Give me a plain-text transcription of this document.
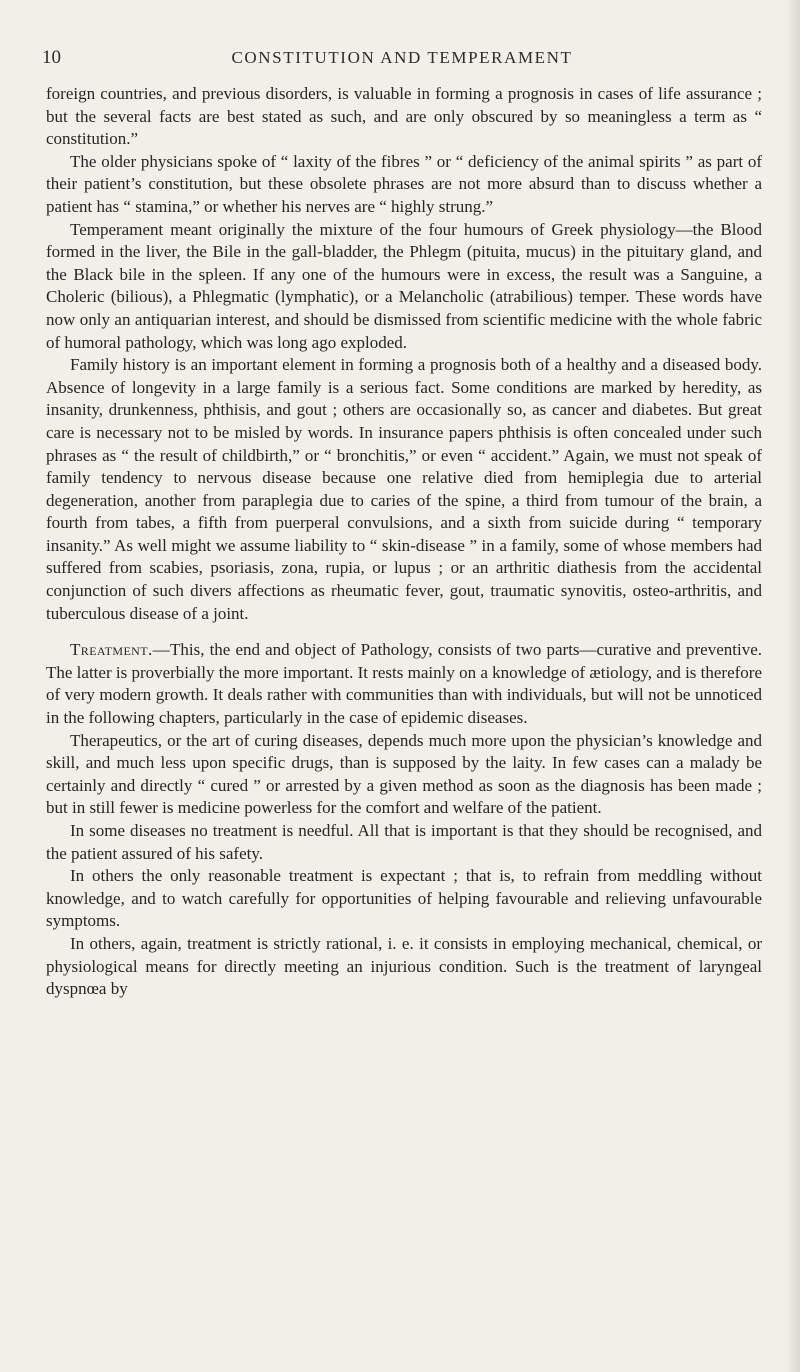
10	CONSTITUTION AND TEMPERAMENT

foreign countries, and previous disorders, is valuable in forming a prognosis in cases of life assurance ; but the several facts are best stated as such, and are only obscured by so meaningless a term as “ constitution.”

The older physicians spoke of “ laxity of the fibres ” or “ deficiency of the animal spirits ” as part of their patient’s constitution, but these obsolete phrases are not more absurd than to discuss whether a patient has “ stamina,” or whether his nerves are “ highly strung.”

Temperament meant originally the mixture of the four humours of Greek physiology—the Blood formed in the liver, the Bile in the gall-bladder, the Phlegm (pituita, mucus) in the pituitary gland, and the Black bile in the spleen. If any one of the humours were in excess, the result was a Sanguine, a Choleric (bilious), a Phlegmatic (lymphatic), or a Melancholic (atrabilious) temper. These words have now only an antiquarian interest, and should be dismissed from scientific medicine with the whole fabric of humoral pathology, which was long ago exploded.

Family history is an important element in forming a prognosis both of a healthy and a diseased body. Absence of longevity in a large family is a serious fact. Some conditions are marked by heredity, as insanity, drunkenness, phthisis, and gout ; others are occasionally so, as cancer and diabetes. But great care is necessary not to be misled by words. In insurance papers phthisis is often concealed under such phrases as “ the result of childbirth,” or “ bronchitis,” or even “ accident.” Again, we must not speak of family tendency to nervous disease because one relative died from hemiplegia due to arterial degeneration, another from paraplegia due to caries of the spine, a third from tumour of the brain, a fourth from tabes, a fifth from puerperal convulsions, and a sixth from suicide during “ temporary insanity.” As well might we assume liability to “ skin-disease ” in a family, some of whose members had suffered from scabies, psoriasis, zona, rupia, or lupus ; or an arthritic diathesis from the accidental conjunction of such divers affections as rheumatic fever, gout, traumatic synovitis, osteo-arthritis, and tuberculous disease of a joint.

Treatment.—This, the end and object of Pathology, consists of two parts—curative and preventive. The latter is proverbially the more important. It rests mainly on a knowledge of ætiology, and is therefore of very modern growth. It deals rather with communities than with individuals, but will not be unnoticed in the following chapters, particularly in the case of epidemic diseases.

Therapeutics, or the art of curing diseases, depends much more upon the physician’s knowledge and skill, and much less upon specific drugs, than is supposed by the laity. In few cases can a malady be certainly and directly “ cured ” or arrested by a given method as soon as the diagnosis has been made ; but in still fewer is medicine powerless for the comfort and welfare of the patient.

In some diseases no treatment is needful. All that is important is that they should be recognised, and the patient assured of his safety.

In others the only reasonable treatment is expectant ; that is, to refrain from meddling without knowledge, and to watch carefully for opportunities of helping favourable and relieving unfavourable symptoms.

In others, again, treatment is strictly rational, i. e. it consists in employing mechanical, chemical, or physiological means for directly meeting an injurious condition. Such is the treatment of laryngeal dyspnœa by
